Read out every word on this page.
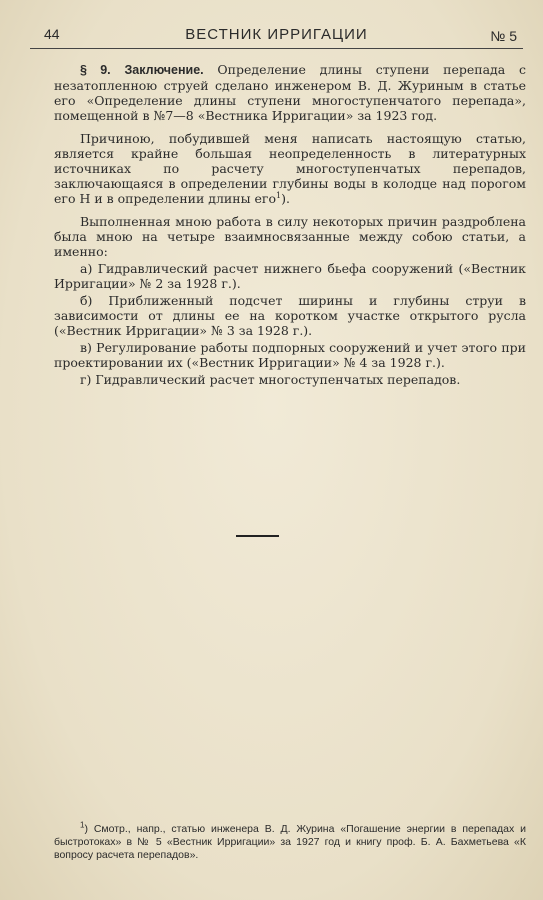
44	ВЕСТНИК ИРРИГАЦИИ	№ 5

§ 9. Заключение. Определение длины ступени перепада с незатопленною струей сделано инженером В. Д. Журиным в статье его «Определение длины ступени многоступенчатого перепада», помещенной в №7—8 «Вестника Ирригации» за 1923 год.

Причиною, побудившей меня написать настоящую статью, является крайне большая неопределенность в литературных источниках по расчету многоступенчатых перепадов, заключающаяся в определении глубины воды в колодце над порогом его H и в определении длины его$^1$).

Выполненная мною работа в силу некоторых причин раздроблена была мною на четыре взаимносвязанные между собою статьи, а именно:

а) Гидравлический расчет нижнего бьефа сооружений («Вестник Ирригации» № 2 за 1928 г.).

б) Приближенный подсчет ширины и глубины струи в зависимости от длины ее на коротком участке открытого русла («Вестник Ирригации» № 3 за 1928 г.).

в) Регулирование работы подпорных сооружений и учет этого при проектировании их («Вестник Ирригации» № 4 за 1928 г.).

г) Гидравлический расчет многоступенчатых перепадов.

$^1$) Смотр., напр., статью инженера В. Д. Журина «Погашение энергии в перепадах и быстротоках» в № 5 «Вестник Ирригации» за 1927 год и книгу проф. Б. А. Бахметьева «К вопросу расчета перепадов».
